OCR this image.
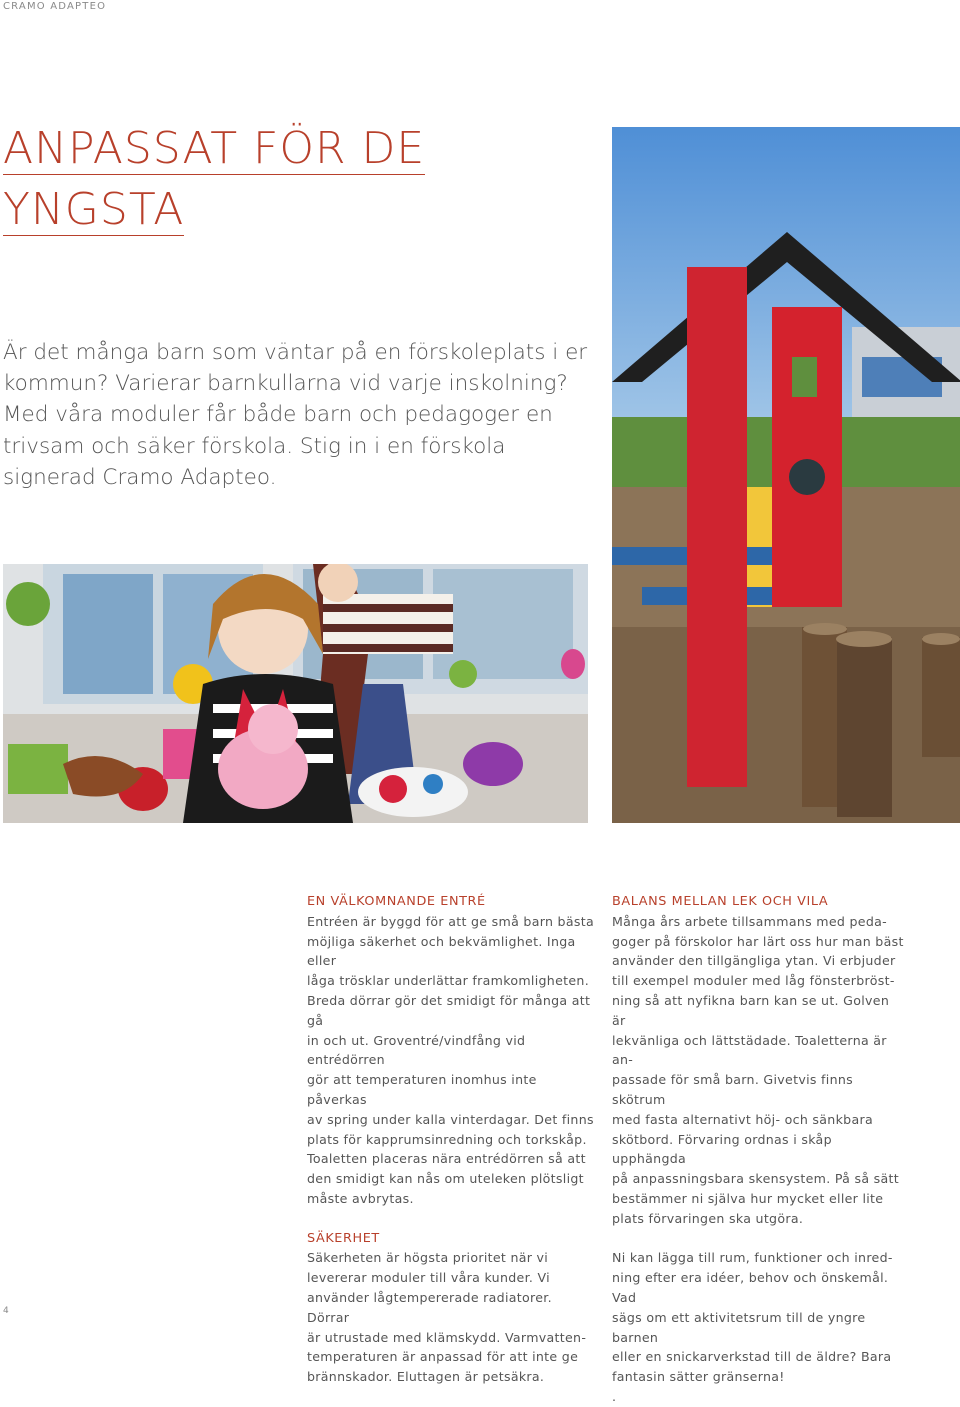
CRAMO ADAPTEO
ANPASSAT FÖR DE
YNGSTA

Är det många barn som väntar på en förskoleplats i er kommun? Varierar barnkullarna vid varje inskolning? Med våra moduler får både barn och pedagoger en trivsam och säker förskola. Stig in i en förskola signerad Cramo Adapteo.

EN VÄLKOMNANDE ENTRÉ

Entréen är byggd för att ge små barn bästa
möjliga säkerhet och bekvämlighet. Inga eller
låga trösklar underlättar framkomligheten.
Breda dörrar gör det smidigt för många att gå
in och ut. Groventré/vindfång vid entrédörren
gör att temperaturen inomhus inte påverkas
av spring under kalla vinterdagar. Det finns
plats för kapprumsinredning och torkskåp.
Toaletten placeras nära entrédörren så att
den smidigt kan nås om uteleken plötsligt
måste avbrytas.

SÄKERHET

Säkerheten är högsta prioritet när vi
levererar moduler till våra kunder. Vi
använder lågtempererade radiatorer. Dörrar
är utrustade med klämskydd. Varmvatten-
temperaturen är anpassad för att inte ge
brännskador. Eluttagen är petsäkra.

BALANS MELLAN LEK OCH VILA

Många års arbete tillsammans med peda-
goger på förskolor har lärt oss hur man bäst
använder den tillgängliga ytan. Vi erbjuder
till exempel moduler med låg fönsterbröst-
ning så att nyfikna barn kan se ut. Golven är
lekvänliga och lättstädade. Toaletterna är an-
passade för små barn. Givetvis finns skötrum
med fasta alternativt höj- och sänkbara
skötbord. Förvaring ordnas i skåp upphängda
på anpassningsbara skensystem. På så sätt
bestämmer ni själva hur mycket eller lite
plats förvaringen ska utgöra.

Ni kan lägga till rum, funktioner och inred-
ning efter era idéer, behov och önskemål. Vad
sägs om ett aktivitetsrum till de yngre barnen
eller en snickarverkstad till de äldre? Bara
fantasin sätter gränserna!
.

4
